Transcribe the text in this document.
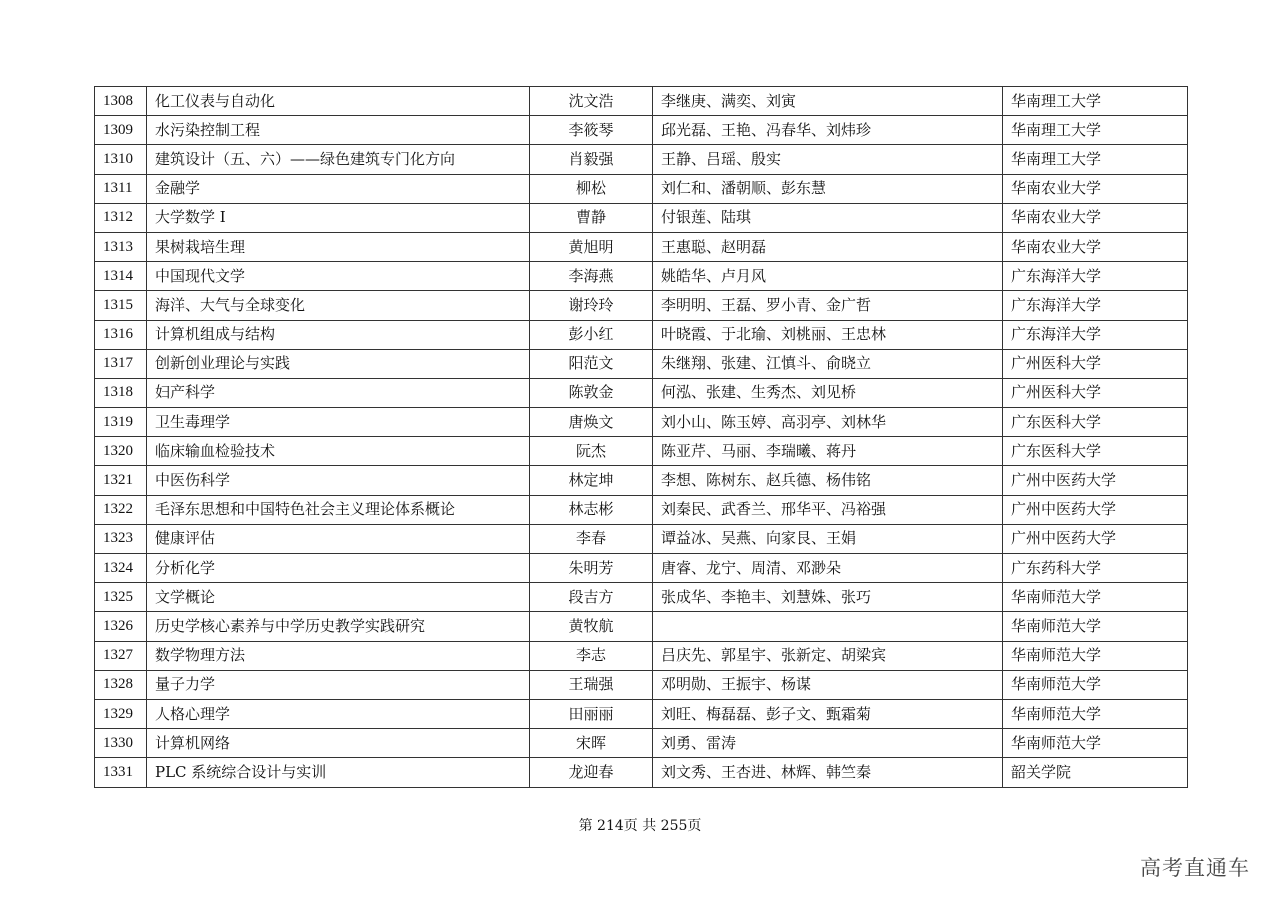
1308	化工仪表与自动化	沈文浩	李继庚、满奕、刘寅	华南理工大学
1309	水污染控制工程	李筱琴	邱光磊、王艳、冯春华、刘炜珍	华南理工大学
1310	建筑设计（五、六）——绿色建筑专门化方向	肖毅强	王静、吕瑶、殷实	华南理工大学
1311	金融学	柳松	刘仁和、潘朝顺、彭东慧	华南农业大学
1312	大学数学 I	曹静	付银莲、陆琪	华南农业大学
1313	果树栽培生理	黄旭明	王惠聪、赵明磊	华南农业大学
1314	中国现代文学	李海燕	姚皓华、卢月风	广东海洋大学
1315	海洋、大气与全球变化	谢玲玲	李明明、王磊、罗小青、金广哲	广东海洋大学
1316	计算机组成与结构	彭小红	叶晓霞、于北瑜、刘桃丽、王忠林	广东海洋大学
1317	创新创业理论与实践	阳范文	朱继翔、张建、江慎斗、俞晓立	广州医科大学
1318	妇产科学	陈敦金	何泓、张建、生秀杰、刘见桥	广州医科大学
1319	卫生毒理学	唐焕文	刘小山、陈玉婷、高羽亭、刘林华	广东医科大学
1320	临床输血检验技术	阮杰	陈亚芹、马丽、李瑞曦、蒋丹	广东医科大学
1321	中医伤科学	林定坤	李想、陈树东、赵兵德、杨伟铭	广州中医药大学
1322	毛泽东思想和中国特色社会主义理论体系概论	林志彬	刘秦民、武香兰、邢华平、冯裕强	广州中医药大学
1323	健康评估	李春	谭益冰、吴燕、向家艮、王娟	广州中医药大学
1324	分析化学	朱明芳	唐睿、龙宁、周清、邓渺朵	广东药科大学
1325	文学概论	段吉方	张成华、李艳丰、刘慧姝、张巧	华南师范大学
1326	历史学核心素养与中学历史教学实践研究	黄牧航		华南师范大学
1327	数学物理方法	李志	吕庆先、郭星宇、张新定、胡梁宾	华南师范大学
1328	量子力学	王瑞强	邓明勋、王振宇、杨谋	华南师范大学
1329	人格心理学	田丽丽	刘旺、梅磊磊、彭子文、甄霜菊	华南师范大学
1330	计算机网络	宋晖	刘勇、雷涛	华南师范大学
1331	PLC 系统综合设计与实训	龙迎春	刘文秀、王杏进、林辉、韩竺秦	韶关学院
第 214页 共 255页
高考直通车
